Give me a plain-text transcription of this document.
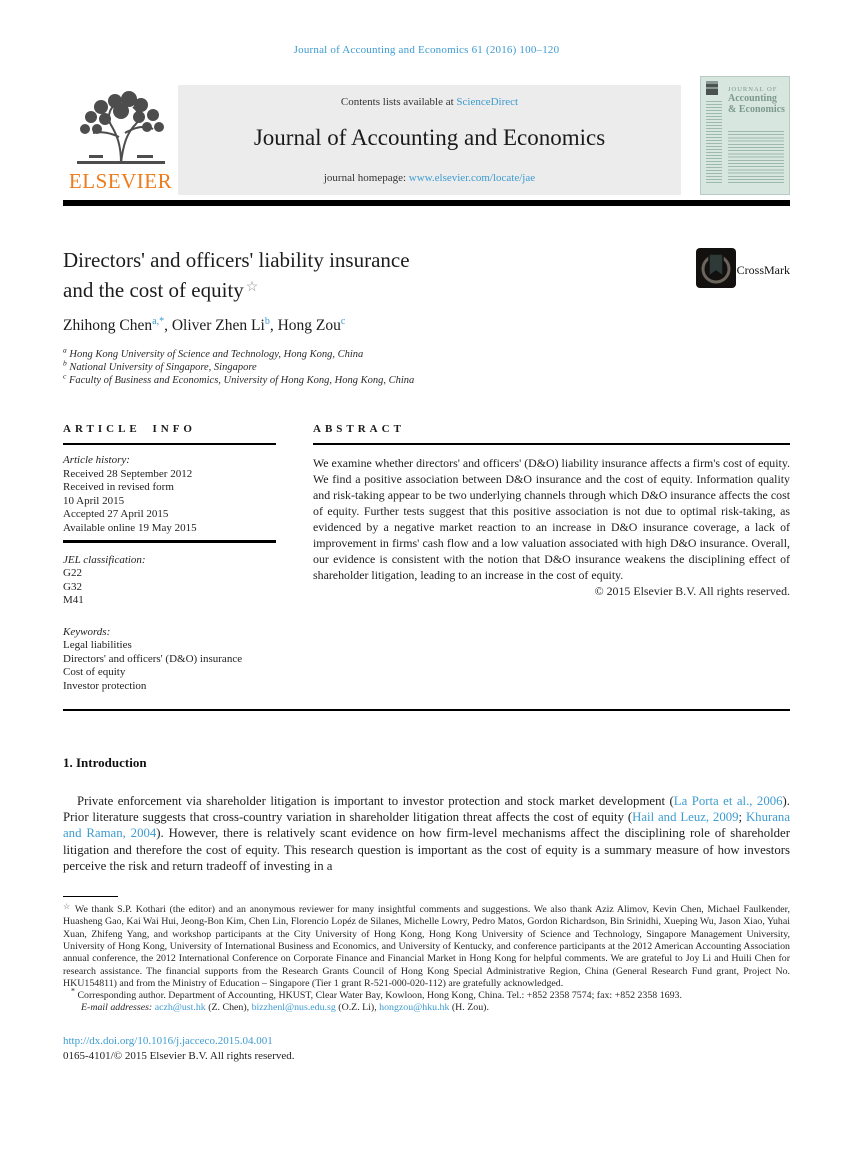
Journal of Accounting and Economics 61 (2016) 100–120
ELSEVIER
Contents lists available at ScienceDirect
Journal of Accounting and Economics
journal homepage: www.elsevier.com/locate/jae
JOURNAL OF
Accounting
& Economics
Directors' and officers' liability insurance
and the cost of equity ☆
CrossMark
Zhihong Chen$^{a,*}$, Oliver Zhen Li$^b$, Hong Zou$^c$
$^a$ Hong Kong University of Science and Technology, Hong Kong, China
$^b$ National University of Singapore, Singapore
$^c$ Faculty of Business and Economics, University of Hong Kong, Hong Kong, China
ARTICLE INFO
Article history:
Received 28 September 2012
Received in revised form
10 April 2015
Accepted 27 April 2015
Available online 19 May 2015
JEL classification:
G22
G32
M41
Keywords:
Legal liabilities
Directors' and officers' (D&O) insurance
Cost of equity
Investor protection
ABSTRACT

We examine whether directors' and officers' (D&O) liability insurance affects a firm's cost of equity. We find a positive association between D&O insurance and the cost of equity. Information quality and risk-taking appear to be two underlying channels through which D&O insurance affects the cost of equity. Further tests suggest that this positive association is not due to optimal risk-taking, as evidenced by a negative market reaction to an increase in D&O insurance coverage, a lack of improvement in firms' cash flow and a low valuation associated with high D&O insurance. Overall, our evidence is consistent with the notion that D&O insurance weakens the disciplining effect of shareholder litigation, leading to an increase in the cost of equity.

© 2015 Elsevier B.V. All rights reserved.
1. Introduction

Private enforcement via shareholder litigation is important to investor protection and stock market development (La Porta et al., 2006). Prior literature suggests that cross-country variation in shareholder litigation threat affects the cost of equity (Hail and Leuz, 2009; Khurana and Raman, 2004). However, there is relatively scant evidence on how firm-level mechanisms affect the disciplining role of shareholder litigation and therefore the cost of equity. This research question is important as the cost of equity is a summary measure of how investors perceive the risk and return tradeoff of investing in a

☆ We thank S.P. Kothari (the editor) and an anonymous reviewer for many insightful comments and suggestions. We also thank Aziz Alimov, Kevin Chen, Michael Faulkender, Huasheng Gao, Kai Wai Hui, Jeong-Bon Kim, Chen Lin, Florencio Lopéz de Silanes, Michelle Lowry, Pedro Matos, Gordon Richardson, Bin Srinidhi, Xueping Wu, Jason Xiao, Yuhai Xuan, Zhifeng Yang, and workshop participants at the City University of Hong Kong, Hong Kong University of Science and Technology, Singapore Management University, University of Hong Kong, University of International Business and Economics, and University of Kentucky, and conference participants at the 2012 American Accounting Association annual conference, the 2012 International Conference on Corporate Finance and Financial Market in Hong Kong for helpful comments. We are grateful to Joy Li and Huili Chen for research assistance. The financial supports from the Research Grants Council of Hong Kong Special Administrative Region, China (General Research Fund grant, Project No. HKU154811) and from the Ministry of Education – Singapore (Tier 1 grant R-521-000-020-112) are gratefully acknowledged.

* Corresponding author. Department of Accounting, HKUST, Clear Water Bay, Kowloon, Hong Kong, China. Tel.: +852 2358 7574; fax: +852 2358 1693.

E-mail addresses: aczh@ust.hk (Z. Chen), bizzhenl@nus.edu.sg (O.Z. Li), hongzou@hku.hk (H. Zou).

http://dx.doi.org/10.1016/j.jacceco.2015.04.001
0165-4101/© 2015 Elsevier B.V. All rights reserved.
